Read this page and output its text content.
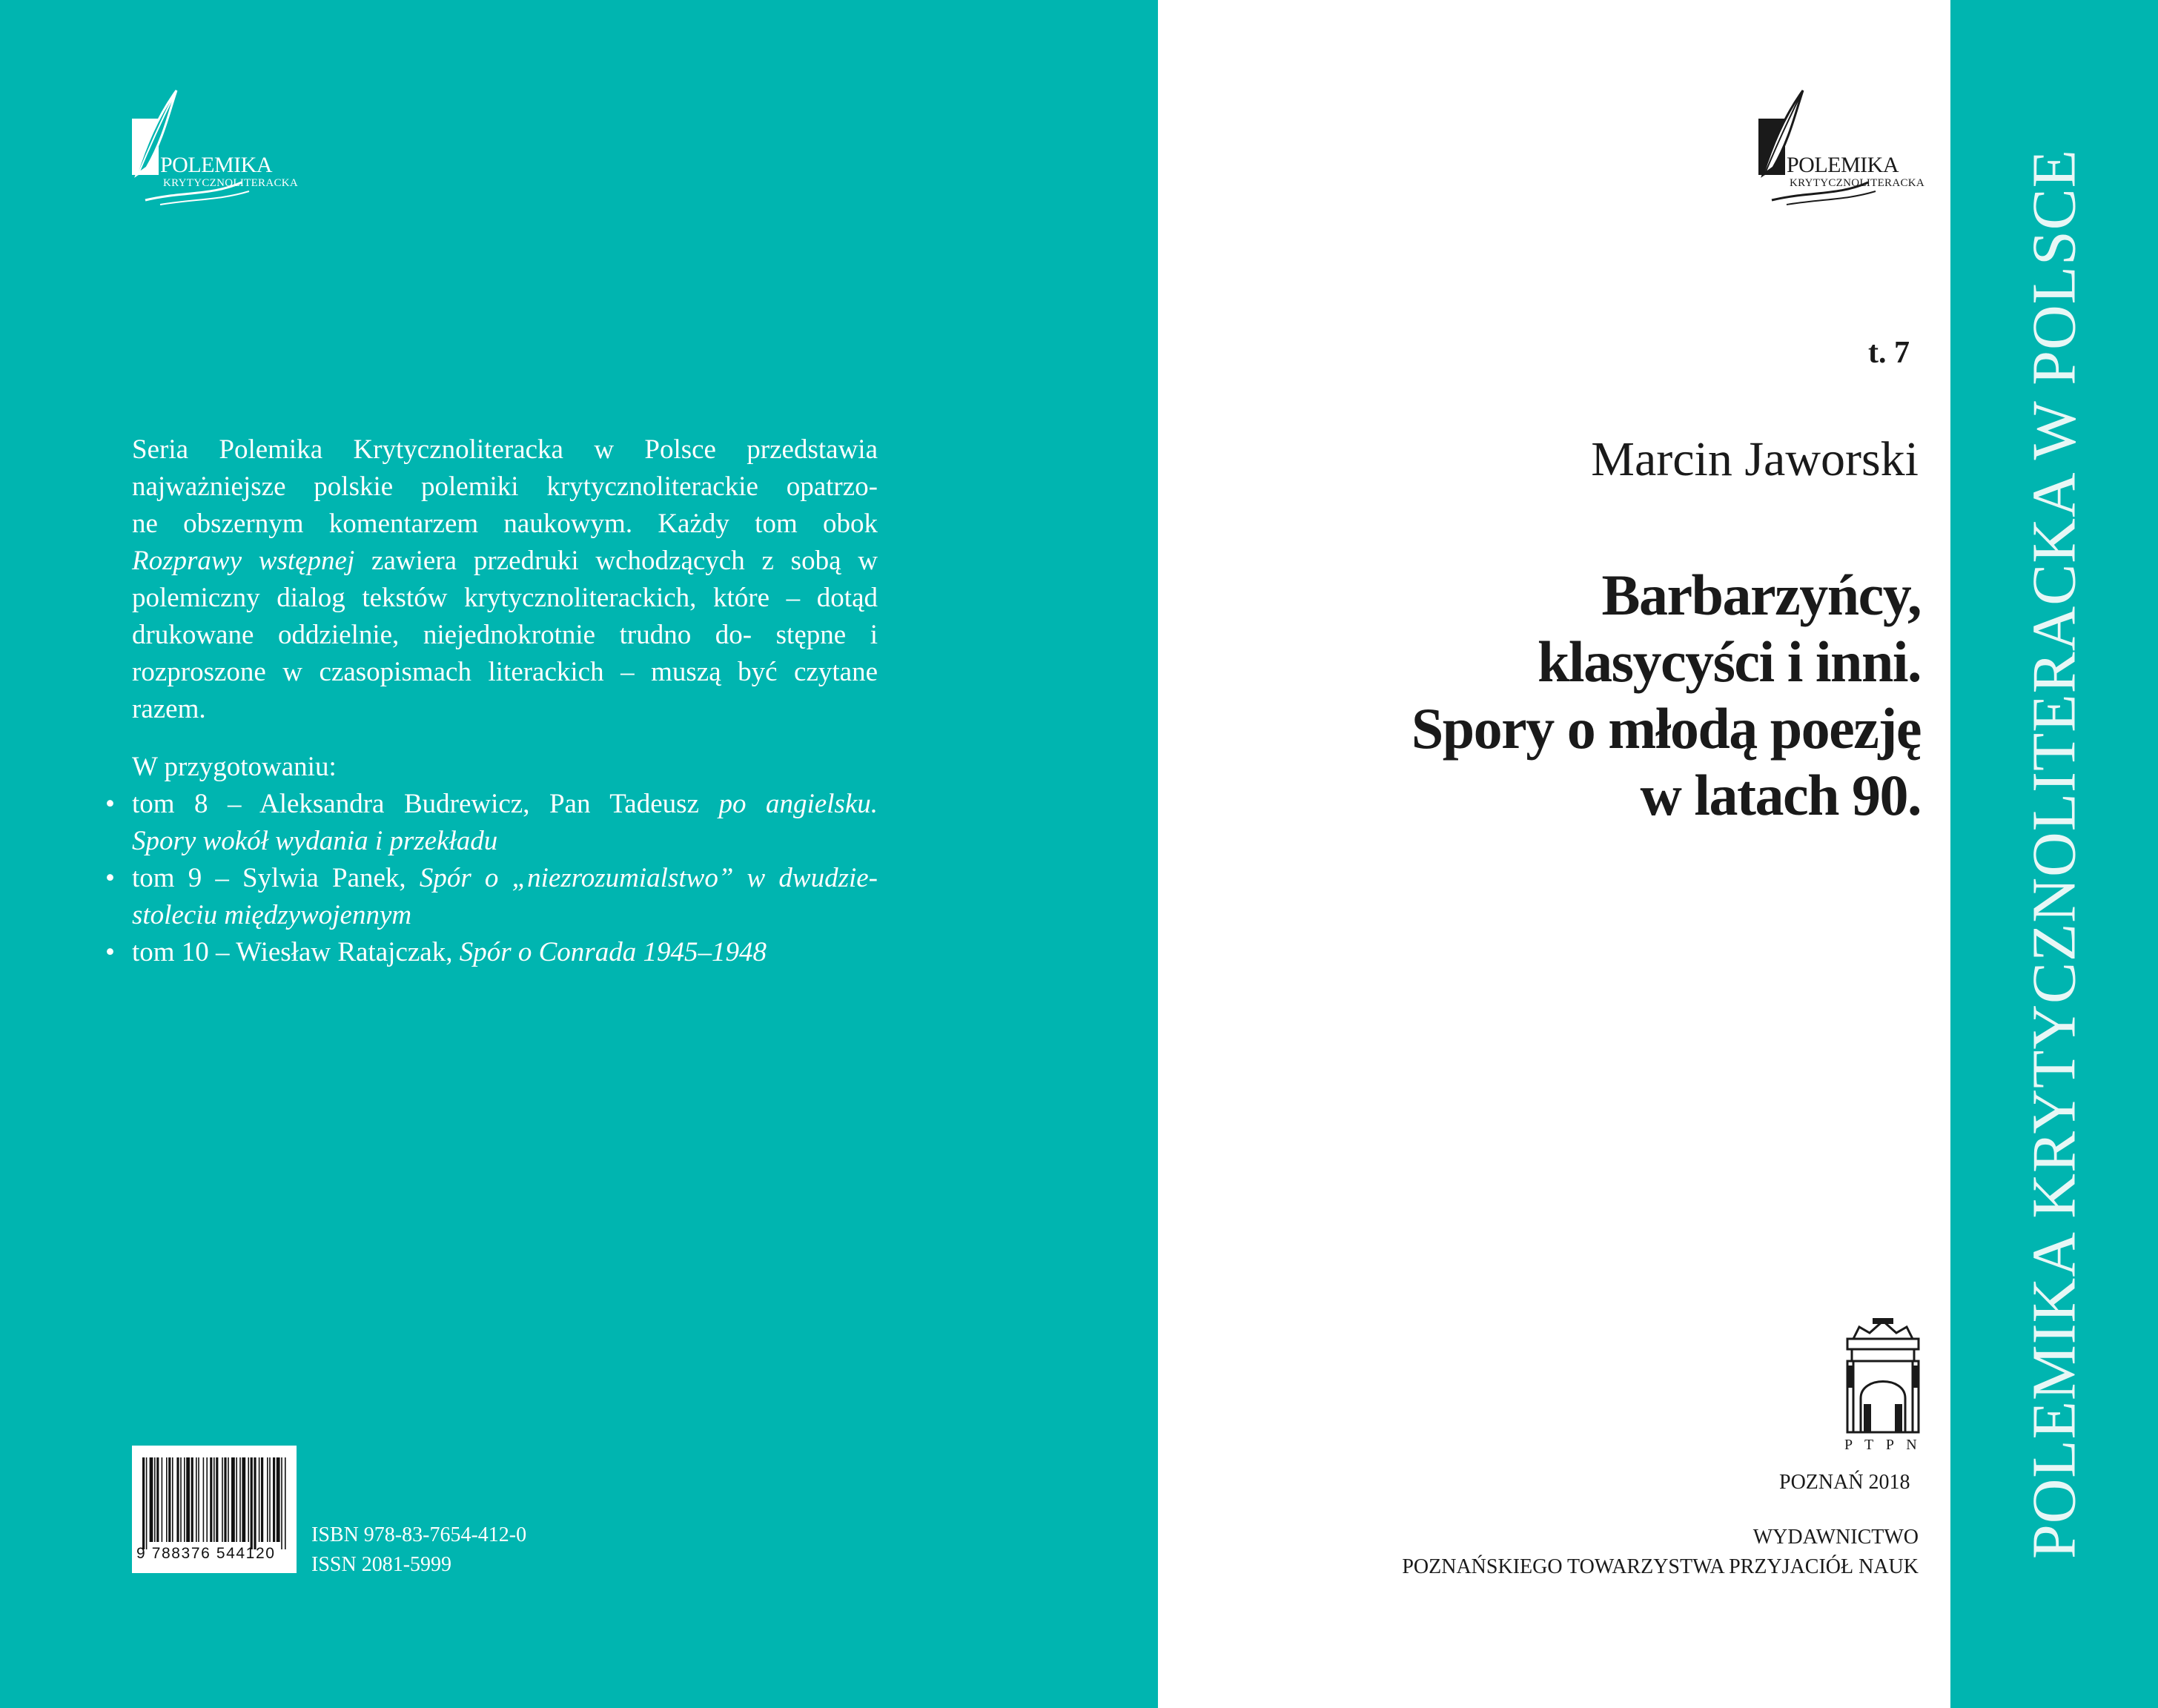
POLEMIKA
KRYTYCZNOLITERACKA

Seria Polemika Krytycznoliteracka w Polsce przedstawia najważniejsze polskie polemiki krytycznoliterackie opatrzo-

ne obszernym komentarzem naukowym. Każdy tom obok Rozprawy wstępnej zawiera przedruki wchodzących z sobą w polemiczny dialog tekstów krytycznoliterackich, które – dotąd drukowane oddzielnie, niejednokrotnie trudno do- stępne i rozproszone w czasopismach literackich – muszą być czytane razem.

W przygotowaniu:
• tom 8 – Aleksandra Budrewicz, Pan Tadeusz po angielsku.
Spory wokół wydania i przekładu
• tom 9 – Sylwia Panek, Spór o „niezrozumialstwo” w dwudzie-
stoleciu międzywojennym
• tom 10 – Wiesław Ratajczak, Spór o Conrada 1945–1948
9 788376 544120
ISBN 978-83-7654-412-0
ISSN 2081-5999
POLEMIKA
KRYTYCZNOLITERACKA
t. 7
Marcin Jaworski
Barbarzyńcy,
klasycyści i inni.
Spory o młodą poezję
w latach 90.
P T P N
POZNAŃ 2018
WYDAWNICTWO
POZNAŃSKIEGO TOWARZYSTWA PRZYJACIÓŁ NAUK
POLEMIKA KRYTYCZNOLITERACKA W POLSCE
